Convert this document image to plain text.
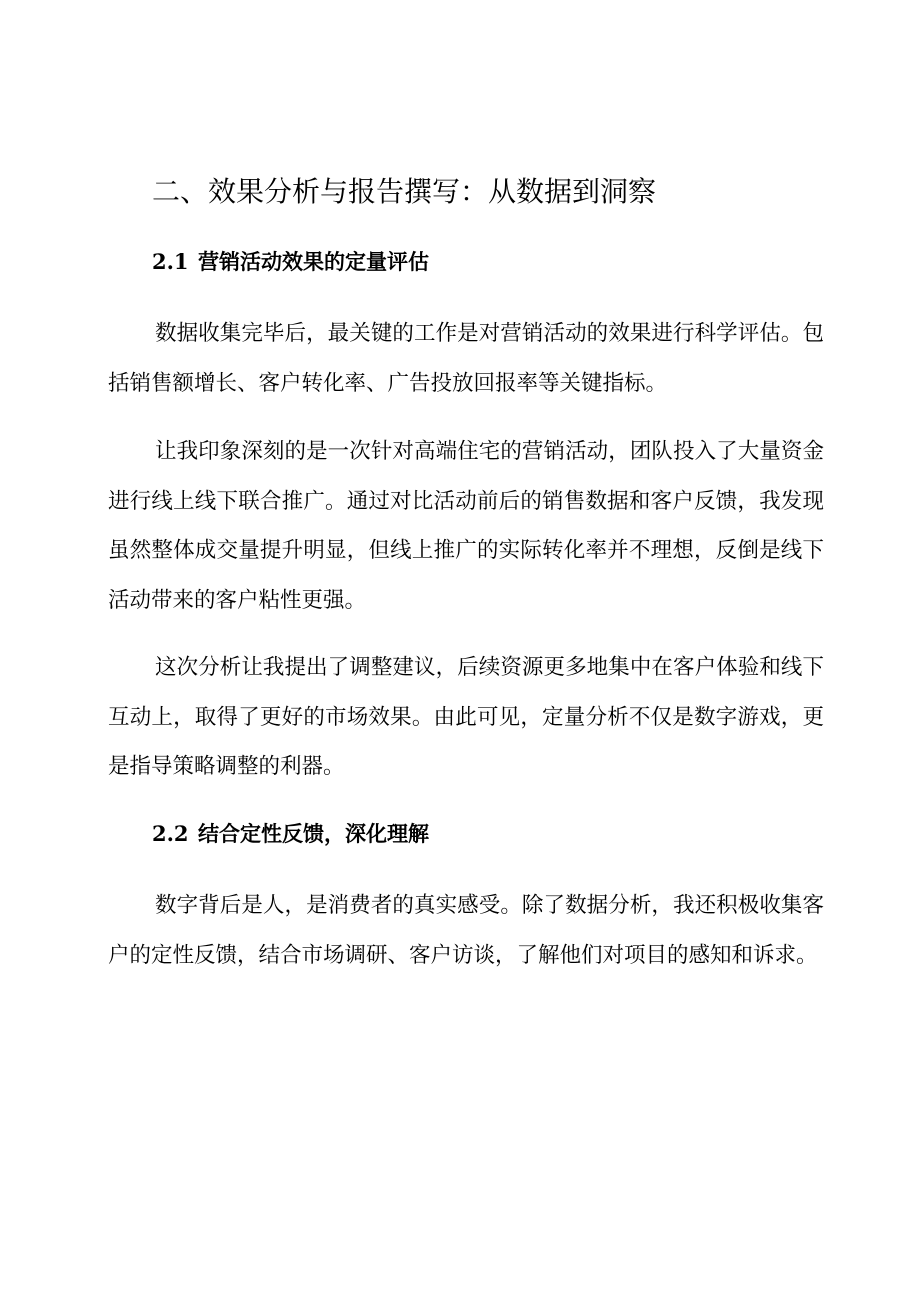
二、效果分析与报告撰写：从数据到洞察
2.1 营销活动效果的定量评估

数据收集完毕后，最关键的工作是对营销活动的效果进行科学评估。包括销售额增长、客户转化率、广告投放回报率等关键指标。

让我印象深刻的是一次针对高端住宅的营销活动，团队投入了大量资金进行线上线下联合推广。通过对比活动前后的销售数据和客户反馈，我发现虽然整体成交量提升明显，但线上推广的实际转化率并不理想，反倒是线下活动带来的客户粘性更强。

这次分析让我提出了调整建议，后续资源更多地集中在客户体验和线下互动上，取得了更好的市场效果。由此可见，定量分析不仅是数字游戏，更是指导策略调整的利器。

2.2 结合定性反馈，深化理解

数字背后是人，是消费者的真实感受。除了数据分析，我还积极收集客户的定性反馈，结合市场调研、客户访谈，了解他们对项目的感知和诉求。
